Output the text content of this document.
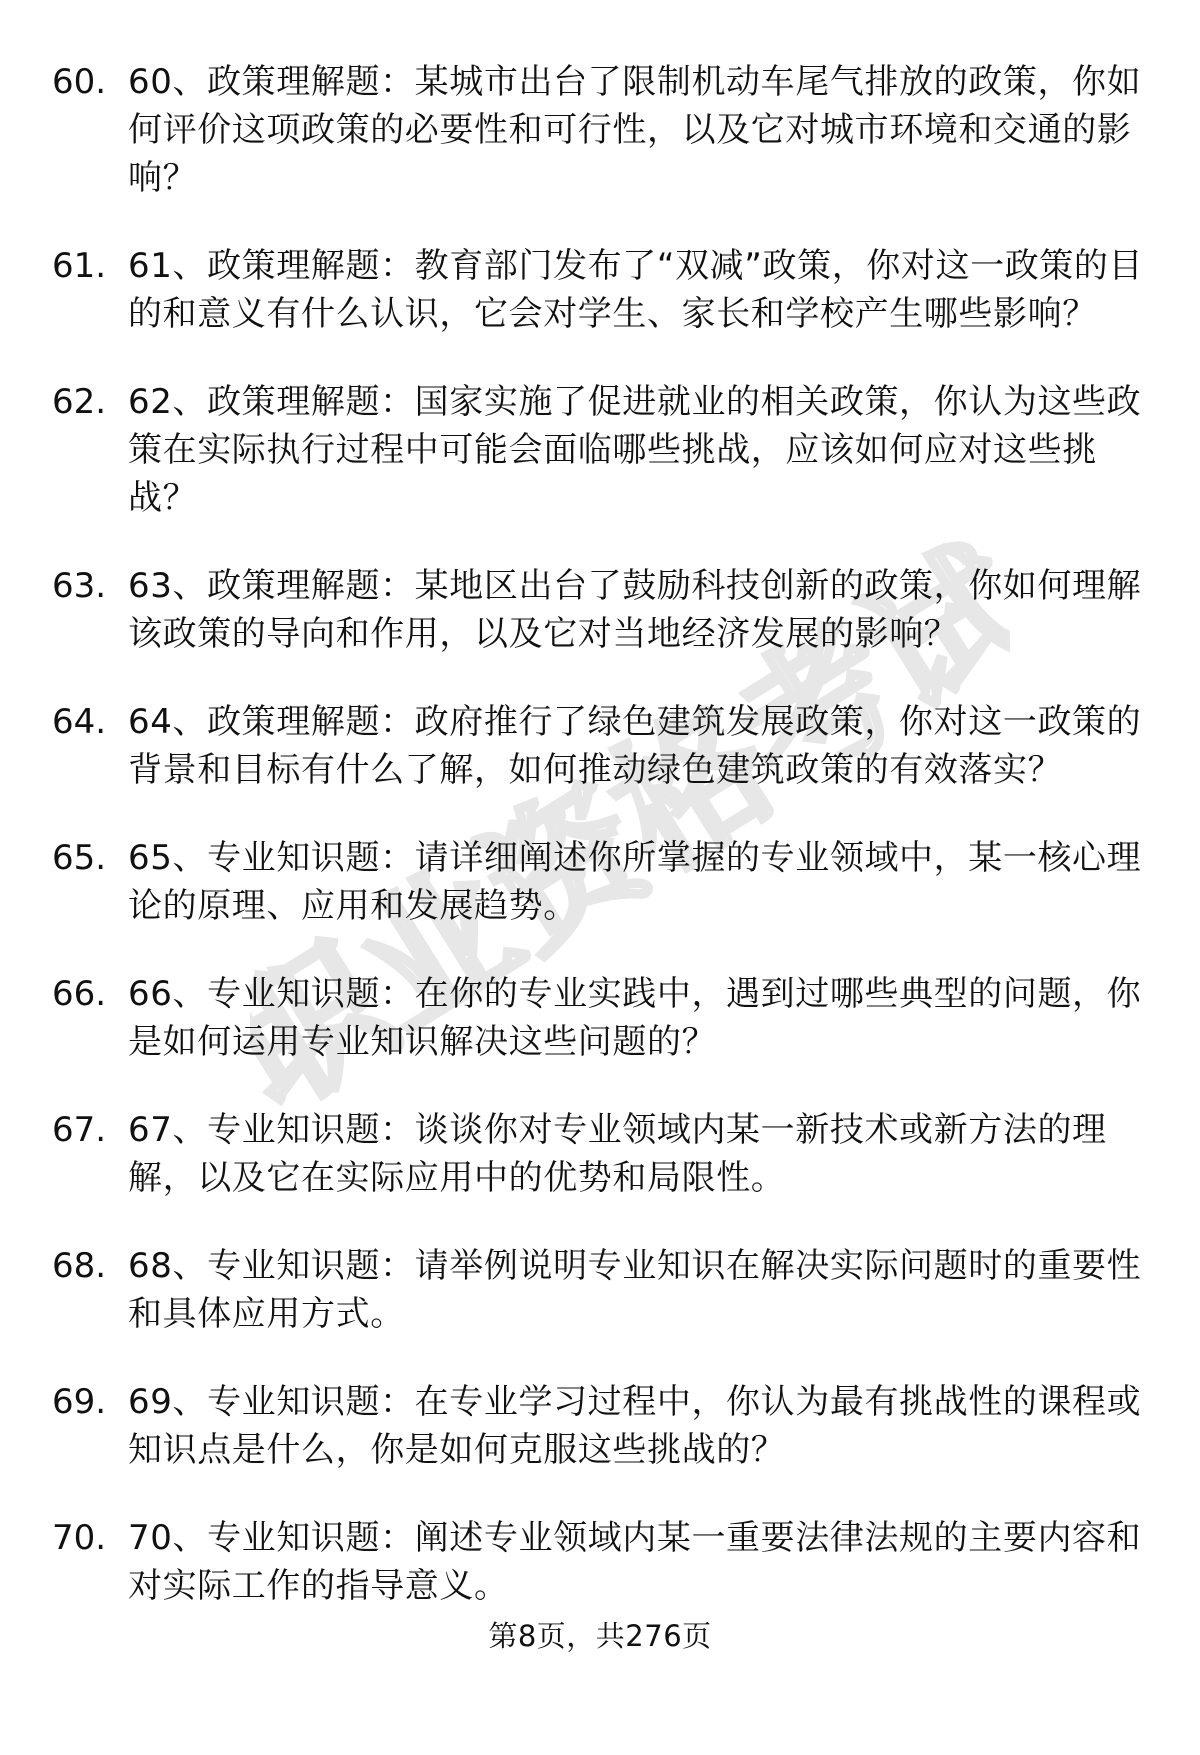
职业资格考试
60. 60、政策理解题：某城市出台了限制机动车尾气排放的政策，你如何评价这项政策的必要性和可行性，以及它对城市环境和交通的影响？
61. 61、政策理解题：教育部门发布了“双减”政策，你对这一政策的目的和意义有什么认识，它会对学生、家长和学校产生哪些影响？
62. 62、政策理解题：国家实施了促进就业的相关政策，你认为这些政策在实际执行过程中可能会面临哪些挑战，应该如何应对这些挑战？
63. 63、政策理解题：某地区出台了鼓励科技创新的政策，你如何理解该政策的导向和作用，以及它对当地经济发展的影响？
64. 64、政策理解题：政府推行了绿色建筑发展政策，你对这一政策的背景和目标有什么了解，如何推动绿色建筑政策的有效落实？
65. 65、专业知识题：请详细阐述你所掌握的专业领域中，某一核心理论的原理、应用和发展趋势。
66. 66、专业知识题：在你的专业实践中，遇到过哪些典型的问题，你是如何运用专业知识解决这些问题的？
67. 67、专业知识题：谈谈你对专业领域内某一新技术或新方法的理解，以及它在实际应用中的优势和局限性。
68. 68、专业知识题：请举例说明专业知识在解决实际问题时的重要性和具体应用方式。
69. 69、专业知识题：在专业学习过程中，你认为最有挑战性的课程或知识点是什么，你是如何克服这些挑战的？
70. 70、专业知识题：阐述专业领域内某一重要法律法规的主要内容和对实际工作的指导意义。
第8页，共276页
